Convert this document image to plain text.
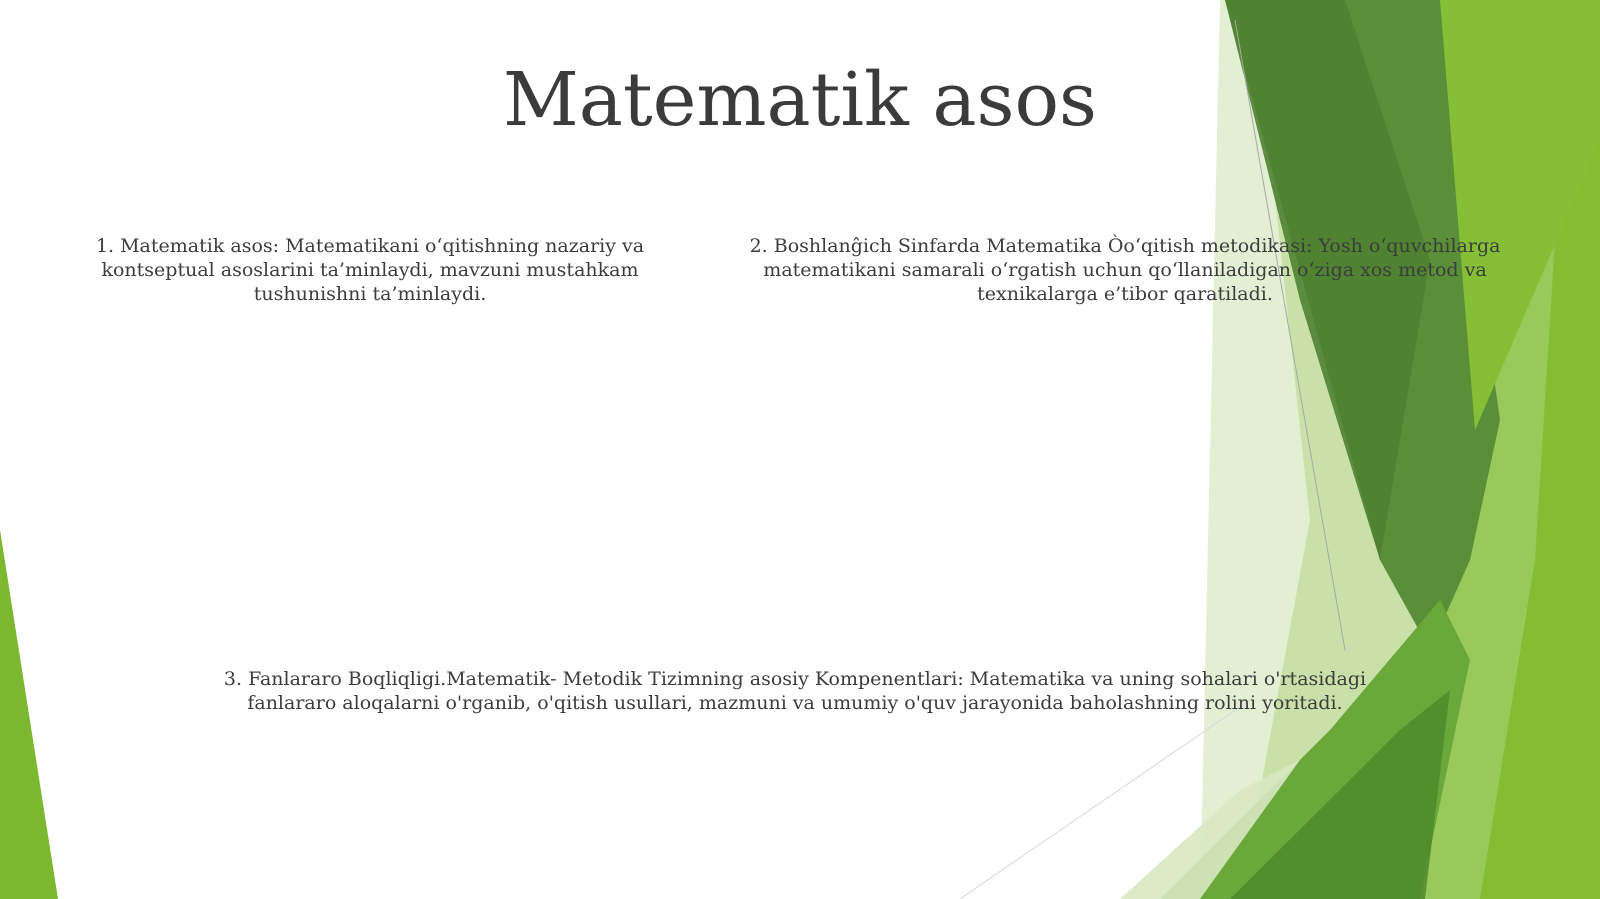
Matematik asos

1. Matematik asos: Matematikani o‘qitishning nazariy va kontseptual asoslarini ta’minlaydi, mavzuni mustahkam tushunishni ta’minlaydi.

2. Boshlanĝich Sinfarda Matematika Òo‘qitish metodikasi: Yosh o‘quvchilarga matematikani samarali o‘rgatish uchun qo‘llaniladigan o‘ziga xos metod va texnikalarga e’tibor qaratiladi.

3. Fanlararo Boqliqligi.Matematik- Metodik Tizimning asosiy Kompenentlari: Matematika va uning sohalari o'rtasidagi fanlararo aloqalarni o'rganib, o'qitish usullari, mazmuni va umumiy o'quv jarayonida baholashning rolini yoritadi.
